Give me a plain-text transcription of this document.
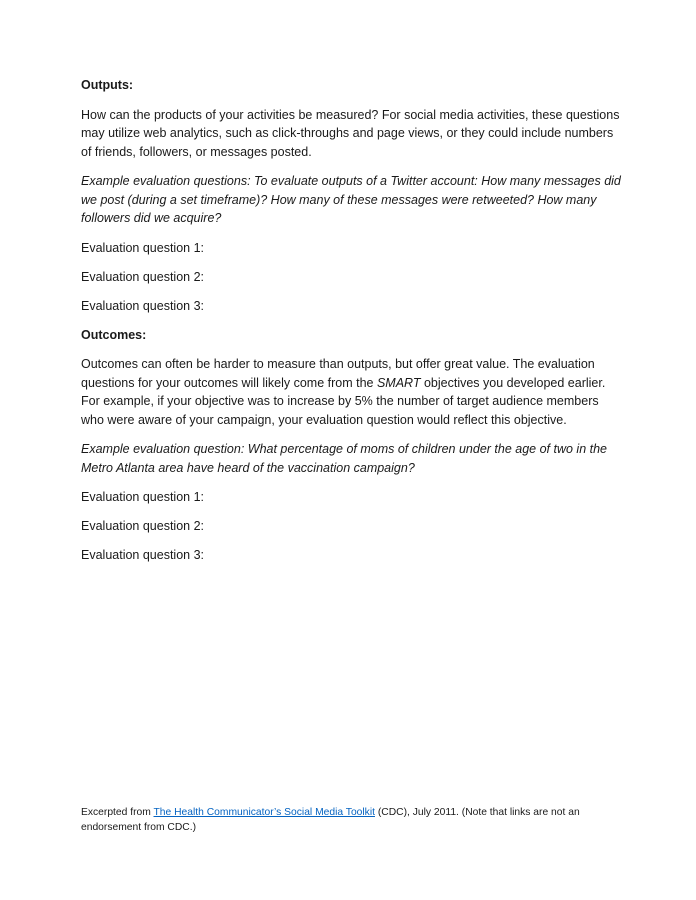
Outputs:

How can the products of your activities be measured? For social media activities, these questions may utilize web analytics, such as click-throughs and page views, or they could include numbers of friends, followers, or messages posted.

Example evaluation questions: To evaluate outputs of a Twitter account: How many messages did we post (during a set timeframe)? How many of these messages were retweeted? How many followers did we acquire?

Evaluation question 1:

Evaluation question 2:

Evaluation question 3:

Outcomes:

Outcomes can often be harder to measure than outputs, but offer great value. The evaluation questions for your outcomes will likely come from the SMART objectives you developed earlier. For example, if your objective was to increase by 5% the number of target audience members who were aware of your campaign, your evaluation question would reflect this objective.

Example evaluation question: What percentage of moms of children under the age of two in the Metro Atlanta area have heard of the vaccination campaign?

Evaluation question 1:

Evaluation question 2:

Evaluation question 3:

Excerpted from The Health Communicator’s Social Media Toolkit (CDC), July 2011. (Note that links are not an endorsement from CDC.)
